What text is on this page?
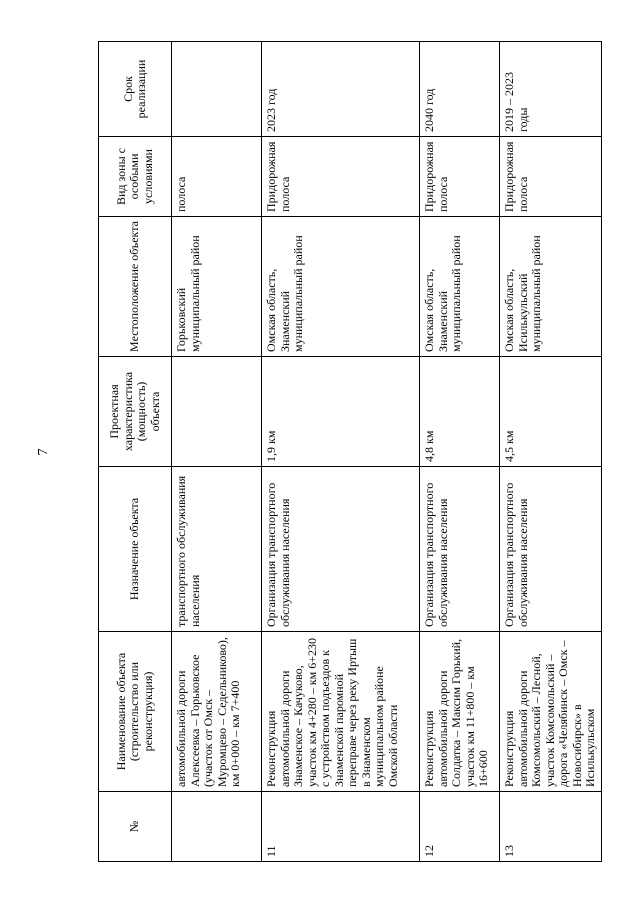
7
№	Наименование объекта (строительство или реконструкция)	Назначение объекта	Проектная характеристика (мощность) объекта	Местоположение объекта	Вид зоны с особыми условиями	Срок реализации
	автомобильной дороги Алексеевка – Горьковское (участок от Омск – Муромцево – Седельниково), км 0+000 – км 7+400	транспортного обслуживания населения		Горьковский муниципальный район	полоса	
11	Реконструкция автомобильной дороги Знаменское – Качуково, участок км 4+280 – км 6+230 с устройством подъездов к Знаменской паромной переправе через реку Иртыш в Знаменском муниципальном районе Омской области	Организация транспортного обслуживания населения	1,9 км	Омская область, Знаменский муниципальный район	Придорожная полоса	2023 год
12	Реконструкция автомобильной дороги Солдатка – Максим Горький, участок км 11+800 – км 16+600	Организация транспортного обслуживания населения	4,8 км	Омская область, Знаменский муниципальный район	Придорожная полоса	2040 год
13	Реконструкция автомобильной дороги Комсомольский – Лесной, участок Комсомольский – дорога «Челябинск – Омск – Новосибирск» в Исилькульском	Организация транспортного обслуживания населения	4,5 км	Омская область, Исилькульский муниципальный район	Придорожная полоса	2019 – 2023 годы
